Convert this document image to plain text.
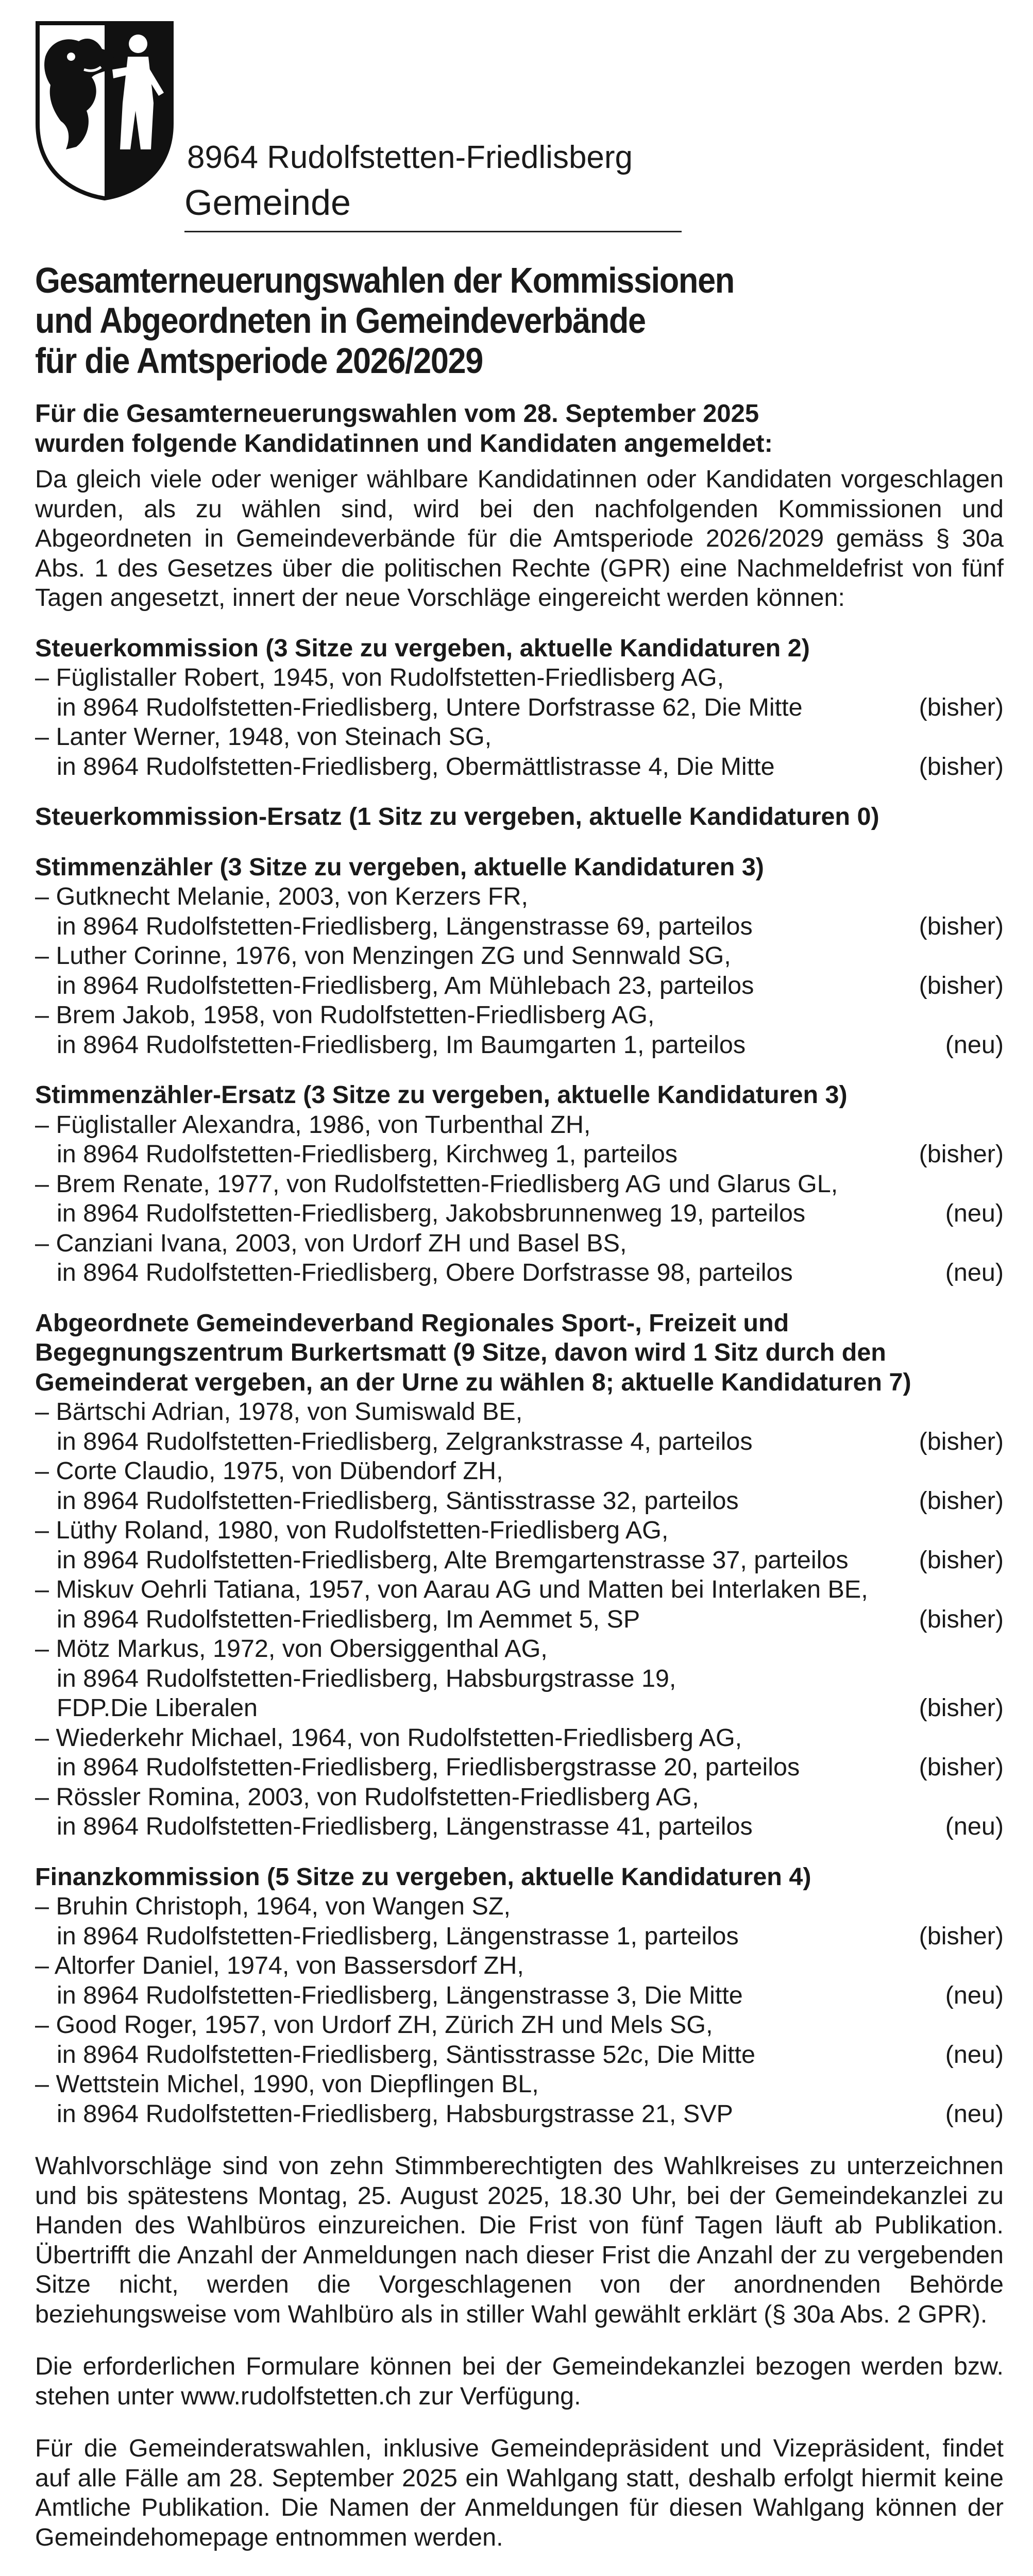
8964 Rudolfstetten-Friedlisberg
Gemeinde
Gesamterneuerungswahlen der Kommissionen
und Abgeordneten in Gemeindeverbände
für die Amtsperiode 2026/2029
Für die Gesamterneuerungswahlen vom 28. September 2025
wurden folgende Kandidatinnen und Kandidaten angemeldet:

Da gleich viele oder weniger wählbare Kandidatinnen oder Kandidaten vorgeschlagen wurden, als zu wählen sind, wird bei den nachfolgenden Kommissionen und Abgeordneten in Gemeindeverbände für die Amtsperiode 2026/2029 gemäss § 30a Abs. 1 des Gesetzes über die politischen Rechte (GPR) eine Nachmeldefrist von fünf Tagen angesetzt, innert der neue Vorschläge eingereicht werden können:

Steuerkommission (3 Sitze zu vergeben, aktuelle Kandidaturen 2)
– Füglistaller Robert, 1945, von Rudolfstetten-Friedlisberg AG,
in 8964 Rudolfstetten-Friedlisberg, Untere Dorfstrasse 62, Die Mitte	(bisher)
– Lanter Werner, 1948, von Steinach SG,
in 8964 Rudolfstetten-Friedlisberg, Obermättlistrasse 4, Die Mitte	(bisher)
Steuerkommission-Ersatz (1 Sitz zu vergeben, aktuelle Kandidaturen 0)
Stimmenzähler (3 Sitze zu vergeben, aktuelle Kandidaturen 3)
– Gutknecht Melanie, 2003, von Kerzers FR,
in 8964 Rudolfstetten-Friedlisberg, Längenstrasse 69, parteilos	(bisher)
– Luther Corinne, 1976, von Menzingen ZG und Sennwald SG,
in 8964 Rudolfstetten-Friedlisberg, Am Mühlebach 23, parteilos	(bisher)
– Brem Jakob, 1958, von Rudolfstetten-Friedlisberg AG,
in 8964 Rudolfstetten-Friedlisberg, Im Baumgarten 1, parteilos	(neu)
Stimmenzähler-Ersatz (3 Sitze zu vergeben, aktuelle Kandidaturen 3)
– Füglistaller Alexandra, 1986, von Turbenthal ZH,
in 8964 Rudolfstetten-Friedlisberg, Kirchweg 1, parteilos	(bisher)
– Brem Renate, 1977, von Rudolfstetten-Friedlisberg AG und Glarus GL,
in 8964 Rudolfstetten-Friedlisberg, Jakobsbrunnenweg 19, parteilos	(neu)
– Canziani Ivana, 2003, von Urdorf ZH und Basel BS,
in 8964 Rudolfstetten-Friedlisberg, Obere Dorfstrasse 98, parteilos	(neu)
Abgeordnete Gemeindeverband Regionales Sport-, Freizeit und Begegnungszentrum Burkertsmatt (9 Sitze, davon wird 1 Sitz durch den Gemeinderat vergeben, an der Urne zu wählen 8; aktuelle Kandidaturen 7)
– Bärtschi Adrian, 1978, von Sumiswald BE,
in 8964 Rudolfstetten-Friedlisberg, Zelgrankstrasse 4, parteilos	(bisher)
– Corte Claudio, 1975, von Dübendorf ZH,
in 8964 Rudolfstetten-Friedlisberg, Säntisstrasse 32, parteilos	(bisher)
– Lüthy Roland, 1980, von Rudolfstetten-Friedlisberg AG,
in 8964 Rudolfstetten-Friedlisberg, Alte Bremgartenstrasse 37, parteilos	(bisher)
– Miskuv Oehrli Tatiana, 1957, von Aarau AG und Matten bei Interlaken BE,
in 8964 Rudolfstetten-Friedlisberg, Im Aemmet 5, SP	(bisher)
– Mötz Markus, 1972, von Obersiggenthal AG,
in 8964 Rudolfstetten-Friedlisberg, Habsburgstrasse 19,
FDP.Die Liberalen	(bisher)
– Wiederkehr Michael, 1964, von Rudolfstetten-Friedlisberg AG,
in 8964 Rudolfstetten-Friedlisberg, Friedlisbergstrasse 20, parteilos	(bisher)
– Rössler Romina, 2003, von Rudolfstetten-Friedlisberg AG,
in 8964 Rudolfstetten-Friedlisberg, Längenstrasse 41, parteilos	(neu)
Finanzkommission (5 Sitze zu vergeben, aktuelle Kandidaturen 4)
– Bruhin Christoph, 1964, von Wangen SZ,
in 8964 Rudolfstetten-Friedlisberg, Längenstrasse 1, parteilos	(bisher)
– Altorfer Daniel, 1974, von Bassersdorf ZH,
in 8964 Rudolfstetten-Friedlisberg, Längenstrasse 3, Die Mitte	(neu)
– Good Roger, 1957, von Urdorf ZH, Zürich ZH und Mels SG,
in 8964 Rudolfstetten-Friedlisberg, Säntisstrasse 52c, Die Mitte	(neu)
– Wettstein Michel, 1990, von Diepflingen BL,
in 8964 Rudolfstetten-Friedlisberg, Habsburgstrasse 21, SVP	(neu)

Wahlvorschläge sind von zehn Stimmberechtigten des Wahlkreises zu unterzeichnen und bis spätestens Montag, 25. August 2025, 18.30 Uhr, bei der Gemeindekanzlei zu Handen des Wahlbüros einzureichen. Die Frist von fünf Tagen läuft ab Publikation. Übertrifft die Anzahl der Anmeldungen nach dieser Frist die Anzahl der zu vergebenden Sitze nicht, werden die Vorgeschlagenen von der anordnenden Behörde beziehungsweise vom Wahlbüro als in stiller Wahl gewählt erklärt (§ 30a Abs. 2 GPR).

Die erforderlichen Formulare können bei der Gemeindekanzlei bezogen werden bzw. stehen unter www.rudolfstetten.ch zur Verfügung.

Für die Gemeinderatswahlen, inklusive Gemeindepräsident und Vizepräsident, findet auf alle Fälle am 28. September 2025 ein Wahlgang statt, deshalb erfolgt hiermit keine Amtliche Publikation. Die Namen der Anmeldungen für diesen Wahlgang können der Gemeindehomepage entnommen werden.
